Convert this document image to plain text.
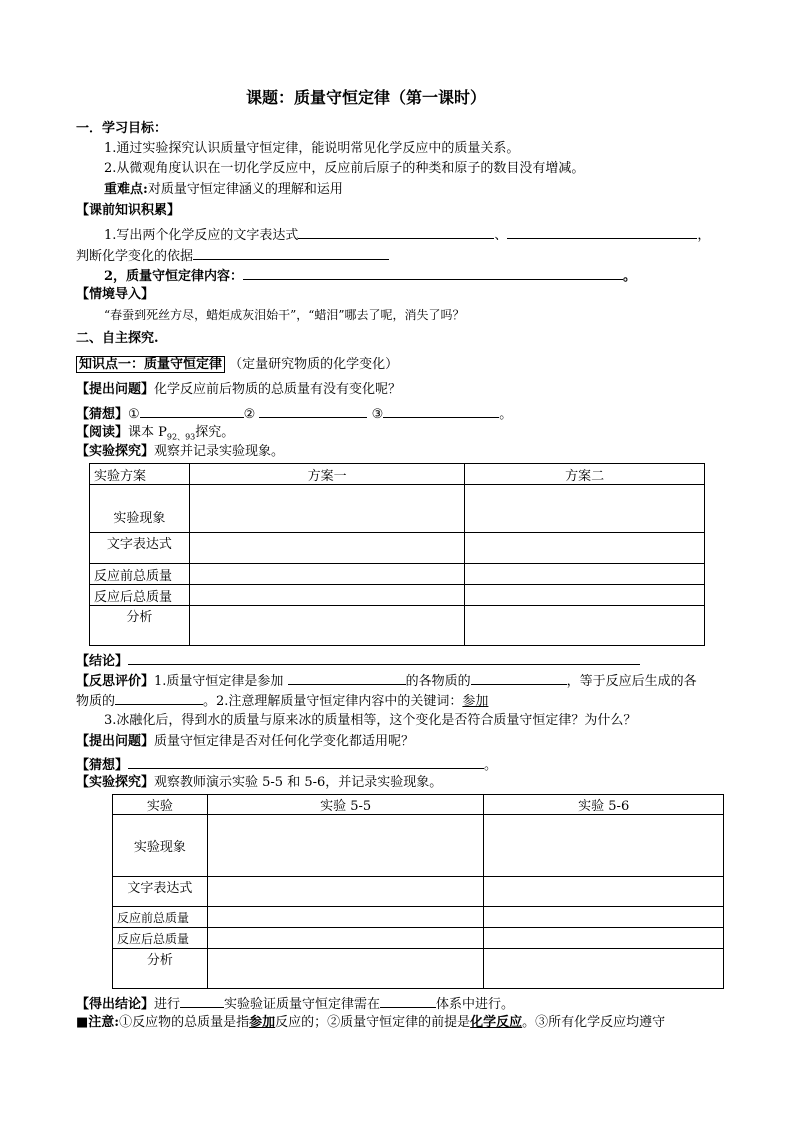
课题：质量守恒定律（第一课时）
一．学习目标：
1.通过实验探究认识质量守恒定律，能说明常见化学反应中的质量关系。
2.从微观角度认识在一切化学反应中，反应前后原子的种类和原子的数目没有增减。
重难点:对质量守恒定律涵义的理解和运用
【课前知识积累】
1.写出两个化学反应的文字表达式	、	，
判断化学变化的依据
2，质量守恒定律内容：	。
【情境导入】
“春蚕到死丝方尽，蜡炬成灰泪始干”，“蜡泪”哪去了呢，消失了吗？
二、自主探究.
知识点一：质量守恒定律 （定量研究物质的化学变化）
【提出问题】化学反应前后物质的总质量有没有变化呢？
【猜想】①	②	③	。
【阅读】课本 $P_{92、93}$探究。
【实验探究】观察并记录实验现象。
实验方案	方案一	方案二
实验现象		
文字表达式		
反应前总质量		
反应后总质量		
分析		
【结论】
【反思评价】1.质量守恒定律是参加	的各物质的	，等于反应后生成的各
物质的	。2.注意理解质量守恒定律内容中的关键词：参加
3.冰融化后，得到水的质量与原来冰的质量相等，这个变化是否符合质量守恒定律？为什么？
【提出问题】质量守恒定律是否对任何化学变化都适用呢？
【猜想】	。
【实验探究】观察教师演示实验 5-5 和 5-6，并记录实验现象。
实验	实验 5-5	实验 5-6
实验现象		
文字表达式		
反应前总质量		
反应后总质量		
分析		
【得出结论】进行	实验验证质量守恒定律需在	体系中进行。
■注意:①反应物的总质量是指参加反应的；②质量守恒定律的前提是化学反应。③所有化学反应均遵守
